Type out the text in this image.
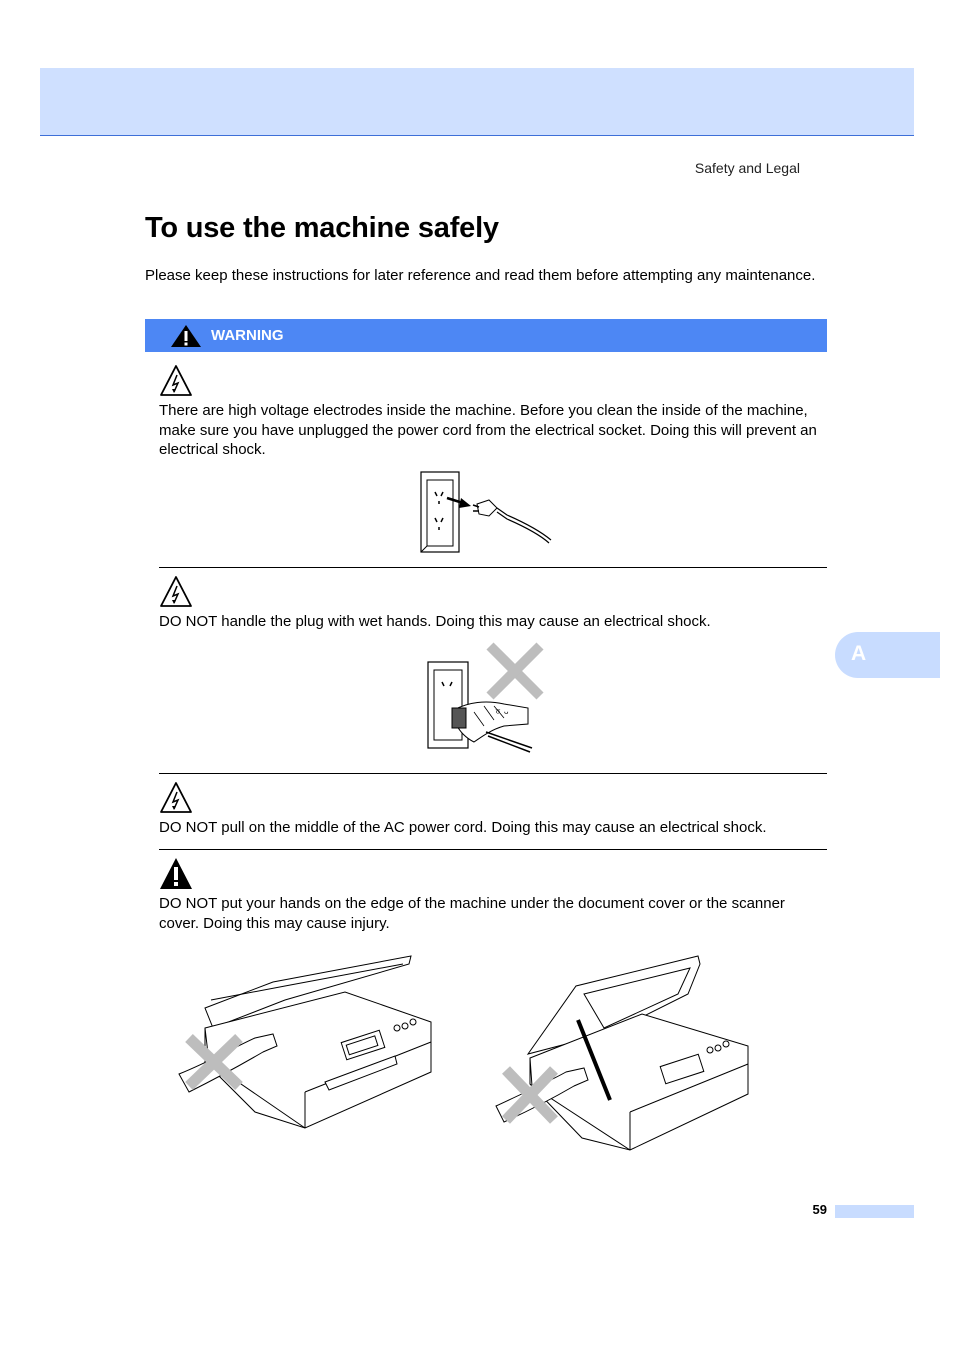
Safety and Legal
To use the machine safely
Please keep these instructions for later reference and read them before attempting any maintenance.
WARNING
There are high voltage electrodes inside the machine. Before you clean the inside of the machine, make sure you have unplugged the power cord from the electrical socket. Doing this will prevent an electrical shock.
DO NOT handle the plug with wet hands. Doing this may cause an electrical shock.
ㆆ ᴗ
DO NOT pull on the middle of the AC power cord. Doing this may cause an electrical shock.
DO NOT put your hands on the edge of the machine under the document cover or the scanner cover. Doing this may cause injury.
A
59
